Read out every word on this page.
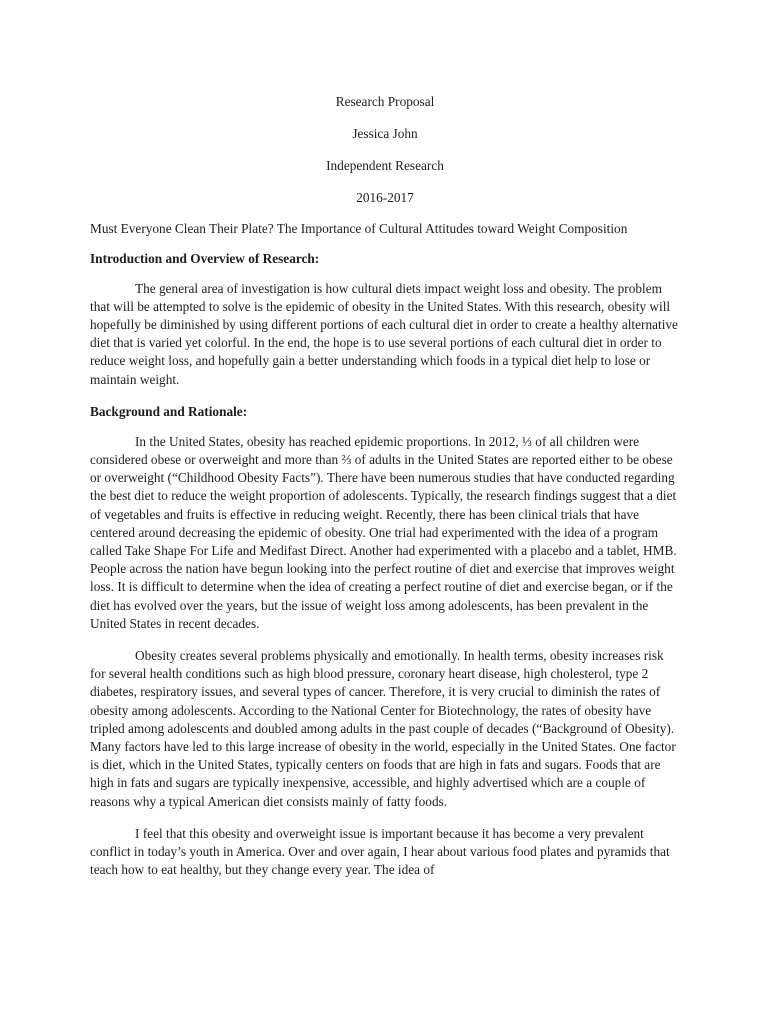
Research Proposal

Jessica John

Independent Research

2016-2017

Must Everyone Clean Their Plate? The Importance of Cultural Attitudes toward Weight Composition

Introduction and Overview of Research:

The general area of investigation is how cultural diets impact weight loss and obesity. The problem that will be attempted to solve is the epidemic of obesity in the United States. With this research, obesity will hopefully be diminished by using different portions of each cultural diet in order to create a healthy alternative diet that is varied yet colorful. In the end, the hope is to use several portions of each cultural diet in order to reduce weight loss, and hopefully gain a better understanding which foods in a typical diet help to lose or maintain weight.

Background and Rationale:

In the United States, obesity has reached epidemic proportions. In 2012, ⅓ of all children were considered obese or overweight and more than ⅔ of adults in the United States are reported either to be obese or overweight (“Childhood Obesity Facts”). There have been numerous studies that have conducted regarding the best diet to reduce the weight proportion of adolescents. Typically, the research findings suggest that a diet of vegetables and fruits is effective in reducing weight. Recently, there has been clinical trials that have centered around decreasing the epidemic of obesity. One trial had experimented with the idea of a program called Take Shape For Life and Medifast Direct. Another had experimented with a placebo and a tablet, HMB. People across the nation have begun looking into the perfect routine of diet and exercise that improves weight loss. It is difficult to determine when the idea of creating a perfect routine of diet and exercise began, or if the diet has evolved over the years, but the issue of weight loss among adolescents, has been prevalent in the United States in recent decades.

Obesity creates several problems physically and emotionally. In health terms, obesity increases risk for several health conditions such as high blood pressure, coronary heart disease, high cholesterol, type 2 diabetes, respiratory issues, and several types of cancer. Therefore, it is very crucial to diminish the rates of obesity among adolescents. According to the National Center for Biotechnology, the rates of obesity have tripled among adolescents and doubled among adults in the past couple of decades (“Background of Obesity). Many factors have led to this large increase of obesity in the world, especially in the United States. One factor is diet, which in the United States, typically centers on foods that are high in fats and sugars. Foods that are high in fats and sugars are typically inexpensive, accessible, and highly advertised which are a couple of reasons why a typical American diet consists mainly of fatty foods.

I feel that this obesity and overweight issue is important because it has become a very prevalent conflict in today’s youth in America. Over and over again, I hear about various food plates and pyramids that teach how to eat healthy, but they change every year. The idea of
